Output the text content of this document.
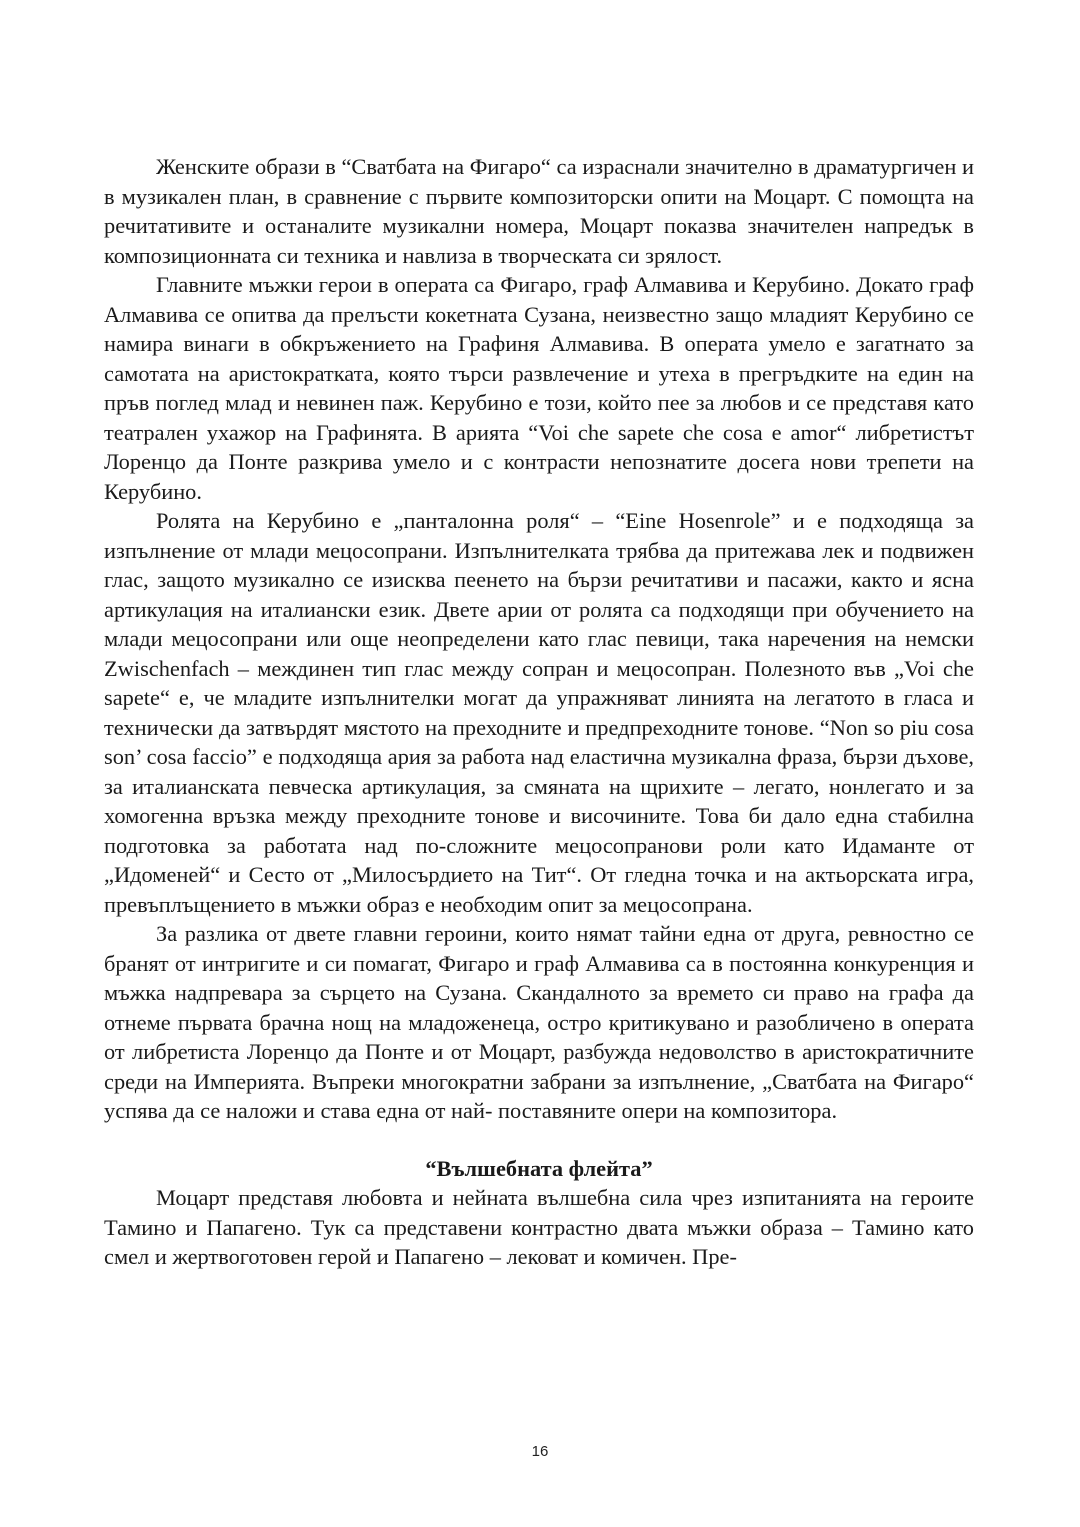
Женските образи в “Сватбата на Фигаро“ са израснали значително в драматургичен и в музикален план, в сравнение с първите композиторски опити на Моцарт. С помощта на речитативите и останалите музикални номера, Моцарт показва значителен напредък в композиционната си техника и навлиза в творческата си зрялост.

Главните мъжки герои в операта са Фигаро, граф Алмавива и Керубино. Докато граф Алмавива се опитва да прелъсти кокетната Сузана, неизвестно защо младият Керубино се намира винаги в обкръжението на Графиня Алмавива. В операта умело е загатнато за самотата на аристократката, която търси развлечение и утеха в прегръдките на един на пръв поглед млад и невинен паж. Керубино е този, който пее за любов и се представя като театрален ухажор на Графинята. В арията “Voi che sapete che cosa e amor“ либретистът Лоренцо да Понте разкрива умело и с контрасти непознатите досега нови трепети на Керубино.

Ролята на Керубино е „панталонна роля“ – “Eine Hosenrole” и е подходяща за изпълнение от млади мецосопрани. Изпълнителката трябва да притежава лек и подвижен глас, защото музикално се изисква пеенето на бързи речитативи и пасажи, както и ясна артикулация на италиански език. Двете арии от ролята са подходящи при обучението на млади мецосопрани или още неопределени като глас певици, така наречения на немски Zwischenfach – междинен тип глас между сопран и мецосопран. Полезното във „Voi che sapete“ е, че младите изпълнителки могат да упражняват линията на легатото в гласа и технически да затвърдят мястото на преходните и предпреходните тонове. “Non so piu cosa son’ cosa faccio” е подходяща ария за работа над еластична музикална фраза, бързи дъхове, за италианската певческа артикулация, за смяната на щрихите – легато, нонлегато и за хомогенна връзка между преходните тонове и височините. Това би дало една стабилна подготовка за работата над по-сложните мецосопранови роли като Идаманте от „Идоменей“ и Сесто от „Милосърдието на Тит“. От гледна точка и на актьорската игра, превъплъщението в мъжки образ е необходим опит за мецосопрана.

За разлика от двете главни героини, които нямат тайни една от друга, ревностно се бранят от интригите и си помагат, Фигаро и граф Алмавива са в постоянна конкуренция и мъжка надпревара за сърцето на Сузана. Скандалното за времето си право на графа да отнеме първата брачна нощ на младоженеца, остро критикувано и разобличено в операта от либретиста Лоренцо да Понте и от Моцарт, разбужда недоволство в аристократичните среди на Империята. Въпреки многократни забрани за изпълнение, „Сватбата на Фигаро“ успява да се наложи и става една от най- поставяните опери на композитора.

“Вълшебната флейта”

Моцарт представя любовта и нейната вълшебна сила чрез изпитанията на героите Тамино и Папагено. Тук са представени контрастно двата мъжки образа – Тамино като смел и жертвоготовен герой и Папагено – лековат и комичен. Пре-

16
